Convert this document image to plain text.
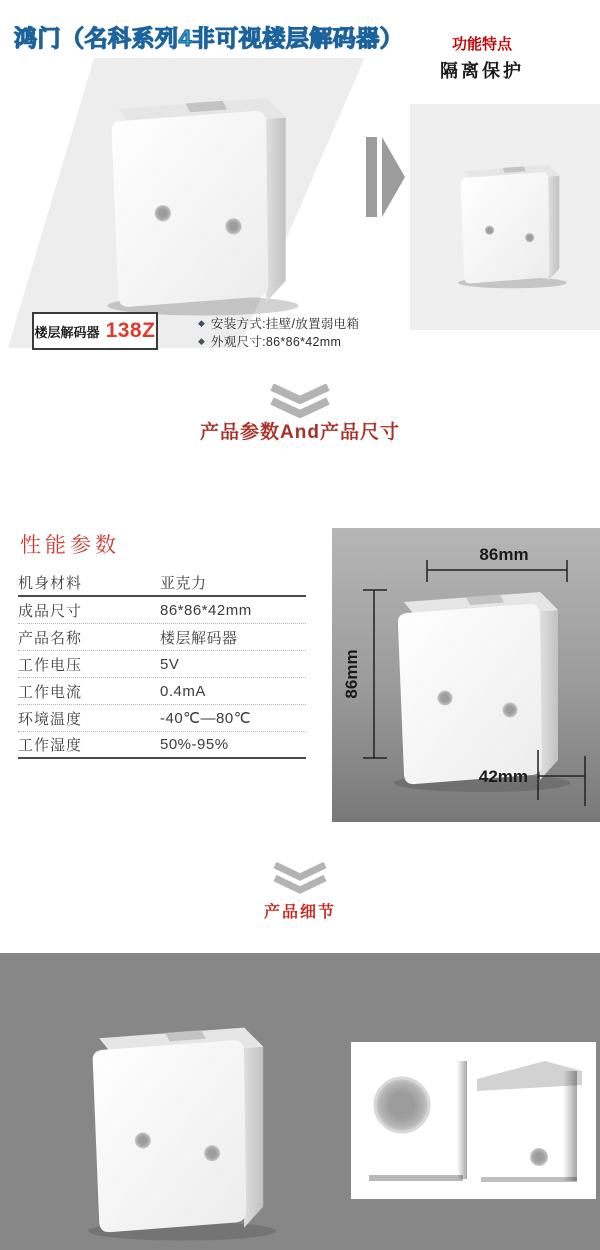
鸿门（名科系列4非可视楼层解码器）	功能特点
隔离保护
楼层解码器 138Z	◆ 安装方式:挂壁/放置弱电箱
◆ 外观尺寸:86*86*42mm
产品参数And产品尺寸
性能参数
机身材料	亚克力
成品尺寸	86*86*42mm
产品名称	楼层解码器
工作电压	5V
工作电流	0.4mA
环境温度	-40℃—80℃
工作湿度	50%-95%
86mm
86mm
42mm
产品细节
